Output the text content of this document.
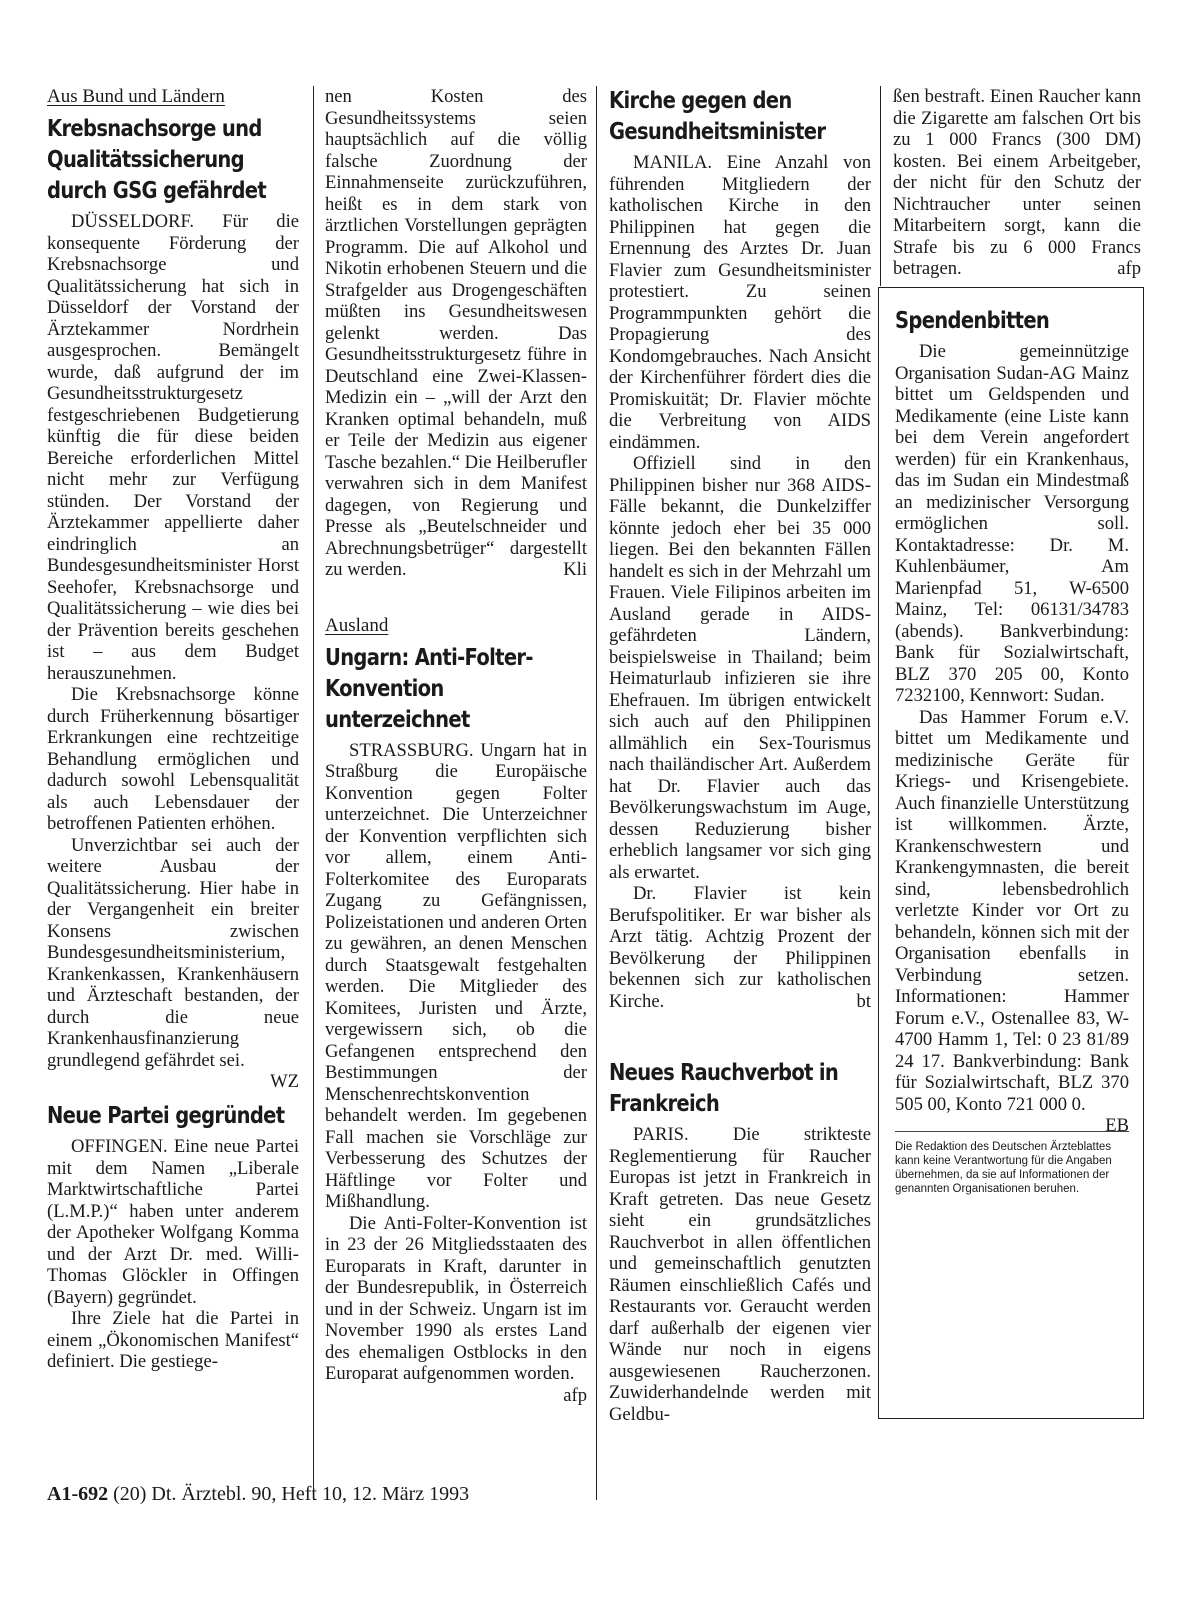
Aus Bund und Ländern
Krebsnachsorge und Qualitätssicherung durch GSG gefährdet

DÜSSELDORF. Für die konsequente Förderung der Krebsnachsorge und Qualitätssicherung hat sich in Düsseldorf der Vorstand der Ärztekammer Nordrhein ausgesprochen. Bemängelt wurde, daß aufgrund der im Gesundheitsstrukturgesetz festgeschriebenen Budgetierung künftig die für diese beiden Bereiche erforderlichen Mittel nicht mehr zur Verfügung stünden. Der Vorstand der Ärztekammer appellierte daher eindringlich an Bundesgesundheitsminister Horst Seehofer, Krebsnachsorge und Qualitätssicherung – wie dies bei der Prävention bereits geschehen ist – aus dem Budget herauszunehmen.

Die Krebsnachsorge könne durch Früherkennung bösartiger Erkrankungen eine rechtzeitige Behandlung ermöglichen und dadurch sowohl Lebensqualität als auch Lebensdauer der betroffenen Patienten erhöhen.

Unverzichtbar sei auch der weitere Ausbau der Qualitätssicherung. Hier habe in der Vergangenheit ein breiter Konsens zwischen Bundesgesundheitsministerium, Krankenkassen, Krankenhäusern und Ärzteschaft bestanden, der durch die neue Krankenhausfinanzierung grundlegend gefährdet sei.
WZ

Neue Partei gegründet

OFFINGEN. Eine neue Partei mit dem Namen „Liberale Marktwirtschaftliche Partei (L.M.P.)“ haben unter anderem der Apotheker Wolfgang Komma und der Arzt Dr. med. Willi-Thomas Glöckler in Offingen (Bayern) gegründet.

Ihre Ziele hat die Partei in einem „Ökonomischen Manifest“ definiert. Die gestiege-

nen Kosten des Gesundheitssystems seien hauptsächlich auf die völlig falsche Zuordnung der Einnahmenseite zurückzuführen, heißt es in dem stark von ärztlichen Vorstellungen geprägten Programm. Die auf Alkohol und Nikotin erhobenen Steuern und die Strafgelder aus Drogengeschäften müßten ins Gesundheitswesen gelenkt werden. Das Gesundheitsstrukturgesetz führe in Deutschland eine Zwei-Klassen-Medizin ein – „will der Arzt den Kranken optimal behandeln, muß er Teile der Medizin aus eigener Tasche bezahlen.“ Die Heilberufler verwahren sich in dem Manifest dagegen, von Regierung und Presse als „Beutelschneider und Abrechnungsbetrüger“ dargestellt zu werden.	Kli

Ausland
Ungarn: Anti-Folter-Konvention unterzeichnet

STRASSBURG. Ungarn hat in Straßburg die Europäische Konvention gegen Folter unterzeichnet. Die Unterzeichner der Konvention verpflichten sich vor allem, einem Anti-Folterkomitee des Europarats Zugang zu Gefängnissen, Polizeistationen und anderen Orten zu gewähren, an denen Menschen durch Staatsgewalt festgehalten werden. Die Mitglieder des Komitees, Juristen und Ärzte, vergewissern sich, ob die Gefangenen entsprechend den Bestimmungen der Menschenrechtskonvention behandelt werden. Im gegebenen Fall machen sie Vorschläge zur Verbesserung des Schutzes der Häftlinge vor Folter und Mißhandlung.

Die Anti-Folter-Konvention ist in 23 der 26 Mitgliedsstaaten des Europarats in Kraft, darunter in der Bundesrepublik, in Österreich und in der Schweiz. Ungarn ist im November 1990 als erstes Land des ehemaligen Ostblocks in den Europarat aufgenommen worden.
afp

Kirche gegen den Gesundheitsminister

MANILA. Eine Anzahl von führenden Mitgliedern der katholischen Kirche in den Philippinen hat gegen die Ernennung des Arztes Dr. Juan Flavier zum Gesundheitsminister protestiert. Zu seinen Programmpunkten gehört die Propagierung des Kondomgebrauches. Nach Ansicht der Kirchenführer fördert dies die Promiskuität; Dr. Flavier möchte die Verbreitung von AIDS eindämmen.

Offiziell sind in den Philippinen bisher nur 368 AIDS-Fälle bekannt, die Dunkelziffer könnte jedoch eher bei 35 000 liegen. Bei den bekannten Fällen handelt es sich in der Mehrzahl um Frauen. Viele Filipinos arbeiten im Ausland gerade in AIDS-gefährdeten Ländern, beispielsweise in Thailand; beim Heimaturlaub infizieren sie ihre Ehefrauen. Im übrigen entwickelt sich auch auf den Philippinen allmählich ein Sex-Tourismus nach thailändischer Art. Außerdem hat Dr. Flavier auch das Bevölkerungswachstum im Auge, dessen Reduzierung bisher erheblich langsamer vor sich ging als erwartet.

Dr. Flavier ist kein Berufspolitiker. Er war bisher als Arzt tätig. Achtzig Prozent der Bevölkerung der Philippinen bekennen sich zur katholischen Kirche.	bt

Neues Rauchverbot in Frankreich

PARIS. Die strikteste Reglementierung für Raucher Europas ist jetzt in Frankreich in Kraft getreten. Das neue Gesetz sieht ein grundsätzliches Rauchverbot in allen öffentlichen und gemeinschaftlich genutzten Räumen einschließlich Cafés und Restaurants vor. Geraucht werden darf außerhalb der eigenen vier Wände nur noch in eigens ausgewiesenen Raucherzonen. Zuwiderhandelnde werden mit Geldbu-

ßen bestraft. Einen Raucher kann die Zigarette am falschen Ort bis zu 1 000 Francs (300 DM) kosten. Bei einem Arbeitgeber, der nicht für den Schutz der Nichtraucher unter seinen Mitarbeitern sorgt, kann die Strafe bis zu 6 000 Francs betragen.	afp

Spendenbitten

Die gemeinnützige Organisation Sudan-AG Mainz bittet um Geldspenden und Medikamente (eine Liste kann bei dem Verein angefordert werden) für ein Krankenhaus, das im Sudan ein Mindestmaß an medizinischer Versorgung ermöglichen soll. Kontaktadresse: Dr. M. Kuhlenbäumer, Am Marienpfad 51, W-6500 Mainz, Tel: 06131/34783 (abends). Bankverbindung: Bank für Sozialwirtschaft, BLZ 370 205 00, Konto 7232100, Kennwort: Sudan.

Das Hammer Forum e.V. bittet um Medikamente und medizinische Geräte für Kriegs- und Krisengebiete. Auch finanzielle Unterstützung ist willkommen. Ärzte, Krankenschwestern und Krankengymnasten, die bereit sind, lebensbedrohlich verletzte Kinder vor Ort zu behandeln, können sich mit der Organisation ebenfalls in Verbindung setzen. Informationen: Hammer Forum e.V., Ostenallee 83, W-4700 Hamm 1, Tel: 0 23 81/89 24 17. Bankverbindung: Bank für Sozialwirtschaft, BLZ 370 505 00, Konto 721 000 0.
EB

Die Redaktion des Deutschen Ärzteblattes kann keine Verantwortung für die Angaben übernehmen, da sie auf Informationen der genannten Organisationen beruhen.

A1-692 (20) Dt. Ärztebl. 90, Heft 10, 12. März 1993
